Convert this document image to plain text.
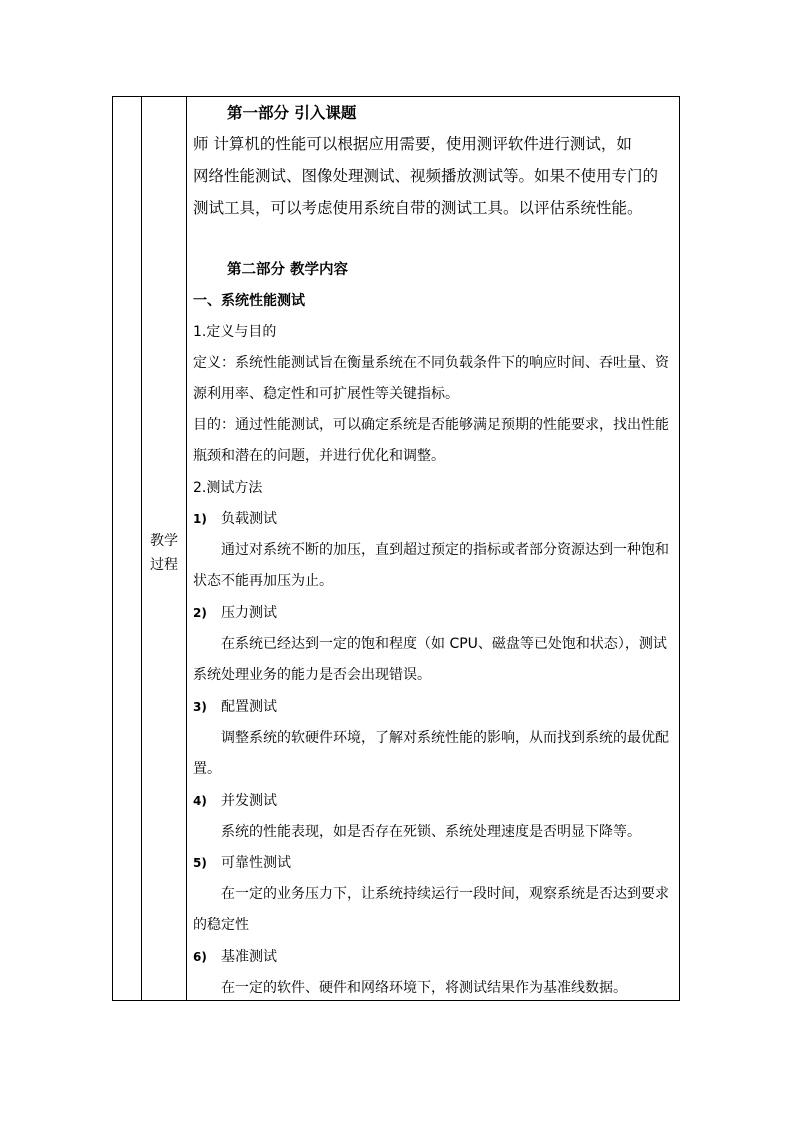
教学
过程
第一部分 引入课题
师 计算机的性能可以根据应用需要，使用测评软件进行测试，如
网络性能测试、图像处理测试、视频播放测试等。如果不使用专门的
测试工具，可以考虑使用系统自带的测试工具。以评估系统性能。
第二部分 教学内容
一、系统性能测试
1.定义与目的
定义：系统性能测试旨在衡量系统在不同负载条件下的响应时间、吞吐量、资
源利用率、稳定性和可扩展性等关键指标。
目的：通过性能测试，可以确定系统是否能够满足预期的性能要求，找出性能
瓶颈和潜在的问题，并进行优化和调整。
2.测试方法
1) 负载测试
通过对系统不断的加压，直到超过预定的指标或者部分资源达到一种饱和
状态不能再加压为止。
2) 压力测试
在系统已经达到一定的饱和程度（如 CPU、磁盘等已处饱和状态），测试
系统处理业务的能力是否会出现错误。
3) 配置测试
调整系统的软硬件环境，了解对系统性能的影响，从而找到系统的最优配
置。
4) 并发测试
系统的性能表现，如是否存在死锁、系统处理速度是否明显下降等。
5) 可靠性测试
在一定的业务压力下，让系统持续运行一段时间，观察系统是否达到要求
的稳定性
6) 基准测试
在一定的软件、硬件和网络环境下，将测试结果作为基准线数据。
